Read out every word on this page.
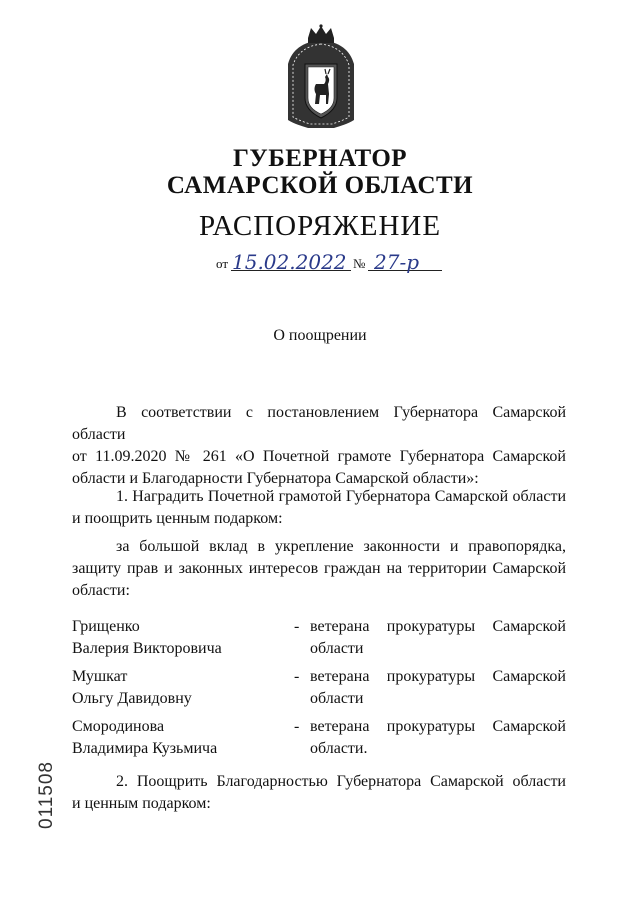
ГУБЕРНАТОР
САМАРСКОЙ ОБЛАСТИ
РАСПОРЯЖЕНИЕ
от 15.02.2022 № 27-р
О поощрении
В соответствии с постановлением Губернатора Самарской области
от 11.09.2020 № 261 «О Почетной грамоте Губернатора Самарской области и Благодарности Губернатора Самарской области»:
1. Наградить Почетной грамотой Губернатора Самарской области
и поощрить ценным подарком:
за большой вклад в укрепление законности и правопорядка,
защиту прав и законных интересов граждан на территории Самарской области:
Грищенко
Валерия Викторовича
- ветерана прокуратуры Самарской
области
Мушкат
Ольгу Давидовну
- ветерана прокуратуры Самарской
области
Смородинова
Владимира Кузьмича
- ветерана прокуратуры Самарской
области.
2. Поощрить Благодарностью Губернатора Самарской области
и ценным подарком:
011508
